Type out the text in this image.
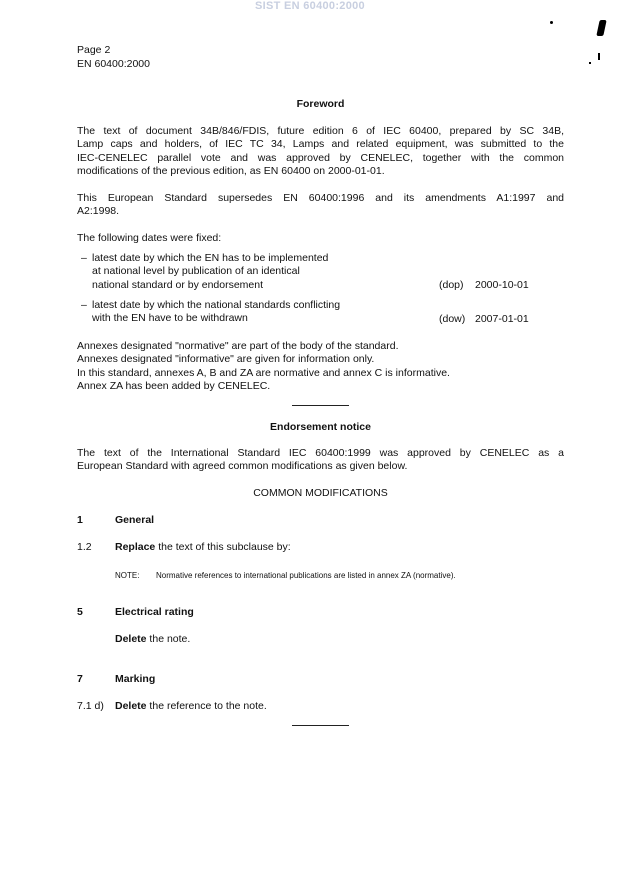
SIST EN 60400:2000
Page 2
EN 60400:2000
Foreword
The text of document 34B/846/FDIS, future edition 6 of IEC 60400, prepared by SC 34B,
Lamp caps and holders, of IEC TC 34, Lamps and related equipment, was submitted to the
IEC-CENELEC parallel vote and was approved by CENELEC, together with the common
modifications of the previous edition, as EN 60400 on 2000-01-01.
This European Standard supersedes EN 60400:1996 and its amendments A1:1997 and
A2:1998.
The following dates were fixed:
– latest date by which the EN has to be implemented
at national level by publication of an identical
national standard or by endorsement	(dop) 2000-10-01
– latest date by which the national standards conflicting
with the EN have to be withdrawn	(dow) 2007-01-01
Annexes designated "normative" are part of the body of the standard.
Annexes designated "informative" are given for information only.
In this standard, annexes A, B and ZA are normative and annex C is informative.
Annex ZA has been added by CENELEC.
Endorsement notice
The text of the International Standard IEC 60400:1999 was approved by CENELEC as a
European Standard with agreed common modifications as given below.
COMMON MODIFICATIONS
1	General
1.2 Replace the text of this subclause by:
NOTE: Normative references to international publications are listed in annex ZA (normative).
5	Electrical rating
Delete the note.
7	Marking
7.1 d) Delete the reference to the note.
